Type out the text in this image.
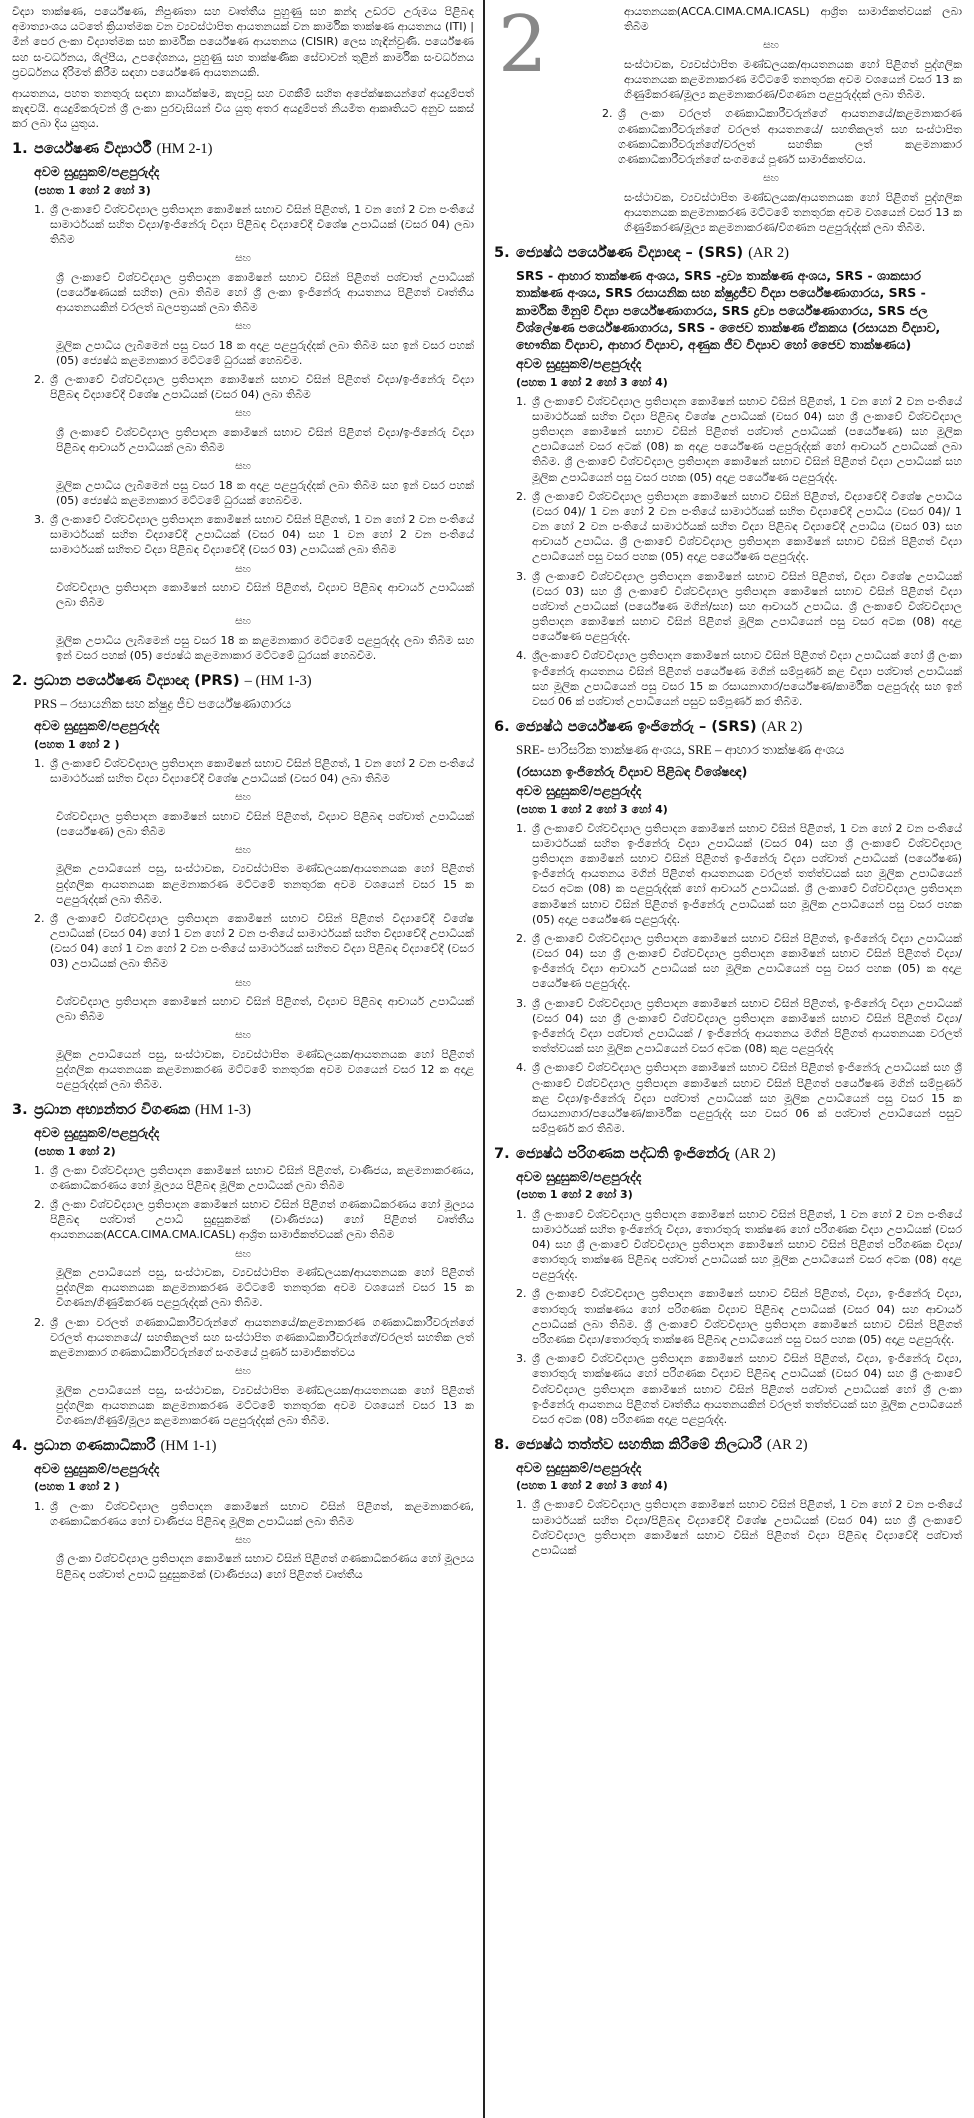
විද්‍යා තාක්ෂණ, පර්යේෂණ, නිපුණතා සහ වෘත්තීය පුහුණු සහ කන්ද උඩරට උරුමය පිළිබඳ අමාත්‍යාංශය යටතේ ක්‍රියාත්මක වන ව්‍යවස්ථාපිත ආයතනයක් වන කාර්මික තාක්ෂණ ආයතනය (ITI) | මින් පෙර ලංකා විද්‍යාත්මක සහ කාර්මික පර්යේෂණ ආයතනය (CISIR) ලෙස හැඳින්වුණි. පර්යේෂණ සහ සංවර්ධනය, ශිල්පීය, උපදේශනය, පුහුණු සහ තාක්ෂණික සේවාවන් තුළින් කාර්මික සංවර්ධනය ප්‍රවර්ධනය දිරිමත් කිරීම සඳහා පර්යේෂණ ආයතනයකි.

ආයතනය, පහත තනතුරු සඳහා කාර්යක්ෂම, කැපවූ සහ වගකීම් සහිත අපේක්ෂකයන්ගේ අයදුම්පත් කැඳවයි. අයදුම්කරුවන් ශ්‍රී ලංකා පුරවැසියන් විය යුතු අතර අයදුම්පත් නියමිත ආකෘතියට අනුව සකස් කර ලබා දිය යුතුය.

1. පර්යේෂණ විද්‍යාර්ථී (HM 2-1)
අවම සුදුසුකම්/පළපුරුද්ද
(පහත 1 හෝ 2 හෝ 3)
1. ශ්‍රී ලංකාවේ විශ්වවිද්‍යාල ප්‍රතිපාදන කොමිෂන් සභාව විසින් පිළිගත්, 1 වන හෝ 2 වන පංතියේ සාමාර්ථයක් සහිත විද්‍යා/ඉංජිනේරු විද්‍යා පිළිබඳ විද්‍යාවේදී විශේෂ උපාධියක් (වසර 04) ලබා තිබීම
සහ
ශ්‍රී ලංකාවේ විශ්වවිද්‍යාල ප්‍රතිපාදන කොමිෂන් සභාව විසින් පිළිගත් පශ්චාත් උපාධියක් (පර්යේෂණයක් සහිත) ලබා තිබීම හෝ ශ්‍රී ලංකා ඉංජිනේරු ආයතනය පිළිගත් වෘත්තීය ආයතනයකින් වරලත් බලපත්‍රයක් ලබා තිබීම
සහ
මූලික උපාධිය ලැබීමෙන් පසු වසර 18 ක අදාළ පළපුරුද්දක් ලබා තිබීම සහ ඉන් වසර පහක් (05) ජ්‍යෙෂ්ඨ කළමනාකාර මට්ටමේ ධුරයක් හෙබවීම.
2. ශ්‍රී ලංකාවේ විශ්වවිද්‍යාල ප්‍රතිපාදන කොමිෂන් සභාව විසින් පිළිගත් විද්‍යා/ඉංජිනේරු විද්‍යා පිළිබඳ විද්‍යාවේදී විශේෂ උපාධියක් (වසර 04) ලබා තිබීම
සහ
ශ්‍රී ලංකාවේ විශ්වවිද්‍යාල ප්‍රතිපාදන කොමිෂන් සභාව විසින් පිළිගත් විද්‍යා/ඉංජිනේරු විද්‍යා පිළිබඳ ආචාර්ය උපාධියක් ලබා තිබීම
සහ
මූලික උපාධිය ලැබීමෙන් පසු වසර 18 ක අදාළ පළපුරුද්දක් ලබා තිබීම සහ ඉන් වසර පහක් (05) ජ්‍යෙෂ්ඨ කළමනාකාර මට්ටමේ ධුරයක් හෙබවීම.
3. ශ්‍රී ලංකාවේ විශ්වවිද්‍යාල ප්‍රතිපාදන කොමිෂන් සභාව විසින් පිළිගත්, 1 වන හෝ 2 වන පංතියේ සාමාර්ථයක් සහිත විද්‍යාවේදී උපාධියක් (වසර 04) සහ 1 වන හෝ 2 වන පංතියේ සාමාර්ථයක් සහිතව විද්‍යා පිළිබඳ විද්‍යාවේදී (වසර 03) උපාධියක් ලබා තිබීම
සහ
විශ්වවිද්‍යාල ප්‍රතිපාදන කොමිෂන් සභාව විසින් පිළිගත්, විද්‍යාව පිළිබඳ ආචාර්ය උපාධියක් ලබා තිබීම
සහ
මූලික උපාධිය ලැබීමෙන් පසු වසර 18 ක කළමනාකාර මට්ටමේ පළපුරුද්ද ලබා තිබීම සහ ඉන් වසර පහක් (05) ජ්‍යෙෂ්ඨ කළමනාකාර මට්ටමේ ධුරයක් හෙබවීම.
2. ප්‍රධාන පර්යේෂණ විද්‍යාඥ (PRS) – (HM 1-3)
PRS – රසායනික සහ ක්ෂුද්‍ර ජීව පර්යේෂණාගාරය
අවම සුදුසුකම්/පළපුරුද්ද
(පහත 1 හෝ 2 )
1. ශ්‍රී ලංකාවේ විශ්වවිද්‍යාල ප්‍රතිපාදන කොමිෂන් සභාව විසින් පිළිගත්, 1 වන හෝ 2 වන පංතියේ සාමාර්ථයක් සහිත විද්‍යා විද්‍යාවේදී විශේෂ උපාධියක් (වසර 04) ලබා තිබීම
සහ
විශ්වවිද්‍යාල ප්‍රතිපාදන කොමිෂන් සභාව විසින් පිළිගත්, විද්‍යාව පිළිබඳ පශ්චාත් උපාධියක් (පර්යේෂණ) ලබා තිබීම
සහ
මූලික උපාධියෙන් පසු, සංස්ථාවක, ව්‍යවස්ථාපිත මණ්ඩලයක/ආයතනයක හෝ පිළිගත් පුද්ගලික ආයතනයක කළමනාකරණ මට්ටමේ තනතුරක අවම වශයෙන් වසර 15 ක පළපුරුද්දක් ලබා තිබීම.
2. ශ්‍රී ලංකාවේ විශ්වවිද්‍යාල ප්‍රතිපාදන කොමිෂන් සභාව විසින් පිළිගත් විද්‍යාවේදී විශේෂ උපාධියක් (වසර 04) හෝ 1 වන හෝ 2 වන පංතියේ සාමාර්ථයක් සහිත විද්‍යාවේදී උපාධියක් (වසර 04) හෝ 1 වන හෝ 2 වන පංතියේ සාමාර්ථයක් සහිතව විද්‍යා පිළිබඳ විද්‍යාවේදී (වසර 03) උපාධියක් ලබා තිබීම
සහ
විශ්වවිද්‍යාල ප්‍රතිපාදන කොමිෂන් සභාව විසින් පිළිගත්, විද්‍යාව පිළිබඳ ආචාර්ය උපාධියක් ලබා තිබීම
සහ
මූලික උපාධියෙන් පසු, සංස්ථාවක, ව්‍යවස්ථාපිත මණ්ඩලයක/ආයතනයක හෝ පිළිගත් පුද්ගලික ආයතනයක කළමනාකරණ මට්ටමේ තනතුරක අවම වශයෙන් වසර 12 ක අදාළ පළපුරුද්දක් ලබා තිබීම.
3. ප්‍රධාන අභ්‍යන්තර විගණක (HM 1-3)
අවම සුදුසුකම්/පළපුරුද්ද
(පහත 1 හෝ 2)
1. ශ්‍රී ලංකා විශ්වවිද්‍යාල ප්‍රතිපාදන කොමිෂන් සභාව විසින් පිළිගත්, වාණිජය, කළමනාකරණය, ගණකාධිකරණය හෝ මූල්‍යය පිළිබඳ මූලික උපාධියක් ලබා තිබීම
2. ශ්‍රී ලංකා විශ්වවිද්‍යාල ප්‍රතිපාදන කොමිෂන් සභාව විසින් පිළිගත් ගණකාධිකරණය හෝ මූල්‍යය පිළිබඳ පශ්චාත් උපාධි සුදුසුකමක් (වාණිජ්‍යය) හෝ පිළිගත් වෘත්තීය ආයතනයක(ACCA.CIMA.CMA.ICASL) ආශ්‍රිත සාමාජිකත්වයක් ලබා තිබීම
සහ
මූලික උපාධියෙන් පසු, සංස්ථාවක, ව්‍යවස්ථාපිත මණ්ඩලයක/ආයතනයක හෝ පිළිගත් පුද්ගලික ආයතනයක කළමනාකරණ මට්ටමේ තනතුරක අවම වශයෙන් වසර 15 ක විගණන/ගිණුම්කරණ පළපුරුද්දක් ලබා තිබීම.
2. ශ්‍රී ලංකා වරලත් ගණකාධිකාරීවරුන්ගේ ආයතනයේ/කළමනාකරණ ගණකාධිකාරීවරුන්ගේ වරලත් ආයතනයේ/ සහතිකලත් සහ සංස්ථාපිත ගණකාධිකාරීවරුන්ගේ/වරලත් සහතික ලත් කළමනාකාර ගණකාධිකාරීවරුන්ගේ සංගමයේ පූර්ණ සාමාජිකත්වය
සහ
මූලික උපාධියෙන් පසු, සංස්ථාවක, ව්‍යවස්ථාපිත මණ්ඩලයක/ආයතනයක හෝ පිළිගත් පුද්ගලික ආයතනයක කළමනාකරණ මට්ටමේ තනතුරක අවම වශයෙන් වසර 13 ක විගණන/ගිණුම්/මූල්‍ය කළමනාකරණ පළපුරුද්දක් ලබා තිබීම.
4. ප්‍රධාන ගණකාධිකාරී (HM 1-1)
අවම සුදුසුකම්/පළපුරුද්ද
(පහත 1 හෝ 2 )
1. ශ්‍රී ලංකා විශ්වවිද්‍යාල ප්‍රතිපාදන කොමිෂන් සභාව විසින් පිළිගත්, කළමනාකරණ, ගණකාධිකරණය හෝ වාණිජය පිළිබඳ මූලික උපාධියක් ලබා තිබීම
සහ
ශ්‍රී ලංකා විශ්වවිද්‍යාල ප්‍රතිපාදන කොමිෂන් සභාව විසින් පිළිගත් ගණකාධිකරණය හෝ මූල්‍යය පිළිබඳ පශ්චාත් උපාධි සුදුසුකමක් (වාණිජ්‍යය) හෝ පිළිගත් වෘත්තීය
2	ආයතනයක(ACCA.CIMA.CMA.ICASL) ආශ්‍රිත සාමාජිකත්වයක් ලබා තිබීම
සහ
සංස්ථාවක, ව්‍යවස්ථාපිත මණ්ඩලයක/ආයතනයක හෝ පිළිගත් පුද්ගලික ආයතනයක කළමනාකරණ මට්ටමේ තනතුරක අවම වශයෙන් වසර 13 ක ගිණුම්කරණ/මූල්‍ය කළමනාකරණ/විගණන පළපුරුද්දක් ලබා තිබීම.
2. ශ්‍රී ලංකා වරලත් ගණකාධිකාරීවරුන්ගේ ආයතනයේ/කළමනාකරණ ගණකාධිකාරීවරුන්ගේ වරලත් ආයතනයේ/ සහතිකලත් සහ සංස්ථාපිත ගණකාධිකාරීවරුන්ගේ/වරලත් සහතික ලත් කළමනාකාර ගණකාධිකාරීවරුන්ගේ සංගමයේ පූර්ණ සාමාජිකත්වය.
සහ
සංස්ථාවක, ව්‍යවස්ථාපිත මණ්ඩලයක/ආයතනයක හෝ පිළිගත් පුද්ගලික ආයතනයක කළමනාකරණ මට්ටමේ තනතුරක අවම වශයෙන් වසර 13 ක ගිණුම්කරණ/මූල්‍ය කළමනාකරණ/විගණන පළපුරුද්දක් ලබා තිබීම.
5. ජ්‍යෙෂ්ඨ පර්යේෂණ විද්‍යාඥ – (SRS) (AR 2)
SRS - ආහාර තාක්ෂණ අංශය, SRS -ද්‍රව්‍ය තාක්ෂණ අංශය, SRS - ශාකසාර තාක්ෂණ අංශය, SRS රසායනික සහ ක්ෂුද්‍රජීව විද්‍යා පර්යේෂණාගාරය, SRS - කාර්මික මිනුම් විද්‍යා පර්යේෂණාගාරය, SRS ද්‍රව්‍ය පර්යේෂණාගාරය, SRS ජල විශ්ලේෂණ පර්යේෂණාගාරය, SRS - ජෛව තාක්ෂණ ඒකකය (රසායන විද්‍යාව, භෞතික විද්‍යාව, ආහාර විද්‍යාව, අණුක ජීව විද්‍යාව හෝ ජෛව තාක්ෂණය)
අවම සුදුසුකම්/පළපුරුද්ද
(පහත 1 හෝ 2 හෝ 3 හෝ 4)
1. ශ්‍රී ලංකාවේ විශ්වවිද්‍යාල ප්‍රතිපාදන කොමිෂන් සභාව විසින් පිළිගත්, 1 වන හෝ 2 වන පංතියේ සාමාර්ථයක් සහිත විද්‍යා පිළිබඳ විශේෂ උපාධියක් (වසර 04) සහ ශ්‍රී ලංකාවේ විශ්වවිද්‍යාල ප්‍රතිපාදන කොමිෂන් සභාව විසින් පිළිගත් පශ්චාත් උපාධියක් (පර්යේෂණ) සහ මූලික උපාධියෙන් වසර අටක් (08) ක අදාළ පර්යේෂණ පළපුරුද්දක් හෝ ආචාර්ය උපාධියක් ලබා තිබීම. ශ්‍රී ලංකාවේ විශ්වවිද්‍යාල ප්‍රතිපාදන කොමිෂන් සභාව විසින් පිළිගත් විද්‍යා උපාධියක් සහ මූලික උපාධියෙන් පසු වසර පහක (05) අදාළ පර්යේෂණ පළපුරුද්ද.
2. ශ්‍රී ලංකාවේ විශ්වවිද්‍යාල ප්‍රතිපාදන කොමිෂන් සභාව විසින් පිළිගත්, විද්‍යාවේදී විශේෂ උපාධිය (වසර 04)/ 1 වන හෝ 2 වන පංතියේ සාමාර්ථයක් සහිත විද්‍යාවේදී උපාධිය (වසර 04)/ 1 වන හෝ 2 වන පංතියේ සාමාර්ථයක් සහිත විද්‍යා පිළිබඳ විද්‍යාවේදී උපාධිය (වසර 03) සහ ආචාර්ය උපාධිය. ශ්‍රී ලංකාවේ විශ්වවිද්‍යාල ප්‍රතිපාදන කොමිෂන් සභාව විසින් පිළිගත් විද්‍යා උපාධියෙන් පසු වසර පහක (05) අදාළ පර්යේෂණ පළපුරුද්ද.
3. ශ්‍රී ලංකාවේ විශ්වවිද්‍යාල ප්‍රතිපාදන කොමිෂන් සභාව විසින් පිළිගත්, විද්‍යා විශේෂ උපාධියක් (වසර 03) සහ ශ්‍රී ලංකාවේ විශ්වවිද්‍යාල ප්‍රතිපාදන කොමිෂන් සභාව විසින් පිළිගත් විද්‍යා පශ්චාත් උපාධියක් (පර්යේෂණ මගින්/සහ) සහ ආචාර්ය උපාධිය. ශ්‍රී ලංකාවේ විශ්වවිද්‍යාල ප්‍රතිපාදන කොමිෂන් සභාව විසින් පිළිගත් මූලික උපාධියෙන් පසු වසර අටක (08) අදාළ පර්යේෂණ පළපුරුද්ද.
4. ශ්‍රීලංකාවේ විශ්වවිද්‍යාල ප්‍රතිපාදන කොමිෂන් සභාව විසින් පිළිගත් විද්‍යා උපාධියක් හෝ ශ්‍රී ලංකා ඉංජිනේරු ආයතනය විසින් පිළිගත් පර්යේෂණ මගින් සම්පූර්ණ කළ විද්‍යා පශ්චාත් උපාධියක් සහ මූලික උපාධියෙන් පසු වසර 15 ක රසායනාගාර/පර්යේෂණ/කාර්මික පළපුරුද්ද සහ ඉන් වසර 06 ක් පශ්චාත් උපාධියෙන් පසුව සම්පූර්ණ කර තිබීම.
6. ජ්‍යෙෂ්ඨ පර්යේෂණ ඉංජිනේරු – (SRS) (AR 2)
SRE- පාරිසරික තාක්ෂණ අංශය, SRE – ආහාර තාක්ෂණ අංශය
(රසායන ඉංජිනේරු විද්‍යාව පිළිබඳ විශේෂඥ)
අවම සුදුසුකම්/පළපුරුද්ද
(පහත 1 හෝ 2 හෝ 3 හෝ 4)
1. ශ්‍රී ලංකාවේ විශ්වවිද්‍යාල ප්‍රතිපාදන කොමිෂන් සභාව විසින් පිළිගත්, 1 වන හෝ 2 වන පංතියේ සාමාර්ථයක් සහිත ඉංජිනේරු විද්‍යා උපාධියක් (වසර 04) සහ ශ්‍රී ලංකාවේ විශ්වවිද්‍යාල ප්‍රතිපාදන කොමිෂන් සභාව විසින් පිළිගත් ඉංජිනේරු විද්‍යා පශ්චාත් උපාධියක් (පර්යේෂණ) ඉංජිනේරු ආයතනය මගින් පිළිගත් ආයතනයක වරලත් තත්ත්වයක් සහ මූලික උපාධියෙන් වසර අටක (08) ක පළපුරුද්දක් හෝ ආචාර්ය උපාධියක්. ශ්‍රී ලංකාවේ විශ්වවිද්‍යාල ප්‍රතිපාදන කොමිෂන් සභාව විසින් පිළිගත් ඉංජිනේරු උපාධියක් සහ මූලික උපාධියෙන් පසු වසර පහක (05) අදාළ පර්යේෂණ පළපුරුද්ද.
2. ශ්‍රී ලංකාවේ විශ්වවිද්‍යාල ප්‍රතිපාදන කොමිෂන් සභාව විසින් පිළිගත්, ඉංජිනේරු විද්‍යා උපාධියක් (වසර 04) සහ ශ්‍රී ලංකාවේ විශ්වවිද්‍යාල ප්‍රතිපාදන කොමිෂන් සභාව විසින් පිළිගත් විද්‍යා/ඉංජිනේරු විද්‍යා ආචාර්ය උපාධියක් සහ මූලික උපාධියෙන් පසු වසර පහක (05) ක අදාළ පර්යේෂණ පළපුරුද්ද.
3. ශ්‍රී ලංකාවේ විශ්වවිද්‍යාල ප්‍රතිපාදන කොමිෂන් සභාව විසින් පිළිගත්, ඉංජිනේරු විද්‍යා උපාධියක් (වසර 04) සහ ශ්‍රී ලංකාවේ විශ්වවිද්‍යාල ප්‍රතිපාදන කොමිෂන් සභාව විසින් පිළිගත් විද්‍යා/ඉංජිනේරු විද්‍යා පශ්චාත් උපාධියක් / ඉංජිනේරු ආයතනය මගින් පිළිගත් ආයතනයක වරලත් තත්ත්වයක් සහ මූලික උපාධියෙන් වසර අටක (08) කුළ පළපුරුද්ද
4. ශ්‍රී ලංකාවේ විශ්වවිද්‍යාල ප්‍රතිපාදන කොමිෂන් සභාව විසින් පිළිගත් ඉංජිනේරු උපාධියක් සහ ශ්‍රී ලංකාවේ විශ්වවිද්‍යාල ප්‍රතිපාදන කොමිෂන් සභාව විසින් පිළිගත් පර්යේෂණ මගින් සම්පූර්ණ කළ විද්‍යා/ඉංජිනේරු විද්‍යා පශ්චාත් උපාධියක් සහ මූලික උපාධියෙන් පසු වසර 15 ක රසායනාගාර/පර්යේෂණ/කාර්මික පළපුරුද්ද සහ වසර 06 ක් පශ්චාත් උපාධියෙන් පසුව සම්පූර්ණ කර තිබීම.
7. ජ්‍යෙෂ්ඨ පරිගණක පද්ධති ඉංජිනේරු (AR 2)
අවම සුදුසුකම්/පළපුරුද්ද
(පහත 1 හෝ 2 හෝ 3)
1. ශ්‍රී ලංකාවේ විශ්වවිද්‍යාල ප්‍රතිපාදන කොමිෂන් සභාව විසින් පිළිගත්, 1 වන හෝ 2 වන පංතියේ සාමාර්ථයක් සහිත ඉංජිනේරු විද්‍යා, තොරතුරු තාක්ෂණ හෝ පරිගණක විද්‍යා උපාධියක් (වසර 04) සහ ශ්‍රී ලංකාවේ විශ්වවිද්‍යාල ප්‍රතිපාදන කොමිෂන් සභාව විසින් පිළිගත් පරිගණක විද්‍යා/තොරතුරු තාක්ෂණ පිළිබඳ පශ්චාත් උපාධියක් සහ මූලික උපාධියෙන් වසර අටක (08) අදාළ පළපුරුද්ද.
2. ශ්‍රී ලංකාවේ විශ්වවිද්‍යාල ප්‍රතිපාදන කොමිෂන් සභාව විසින් පිළිගත්, විද්‍යා, ඉංජිනේරු විද්‍යා, තොරතුරු තාක්ෂණය හෝ පරිගණක විද්‍යාව පිළිබඳ උපාධියක් (වසර 04) සහ ආචාර්ය උපාධියක් ලබා තිබීම. ශ්‍රී ලංකාවේ විශ්වවිද්‍යාල ප්‍රතිපාදන කොමිෂන් සභාව විසින් පිළිගත් පරිගණක විද්‍යා/තොරතුරු තාක්ෂණ පිළිබඳ උපාධියෙන් පසු වසර පහක (05) අදාළ පළපුරුද්ද.
3. ශ්‍රී ලංකාවේ විශ්වවිද්‍යාල ප්‍රතිපාදන කොමිෂන් සභාව විසින් පිළිගත්, විද්‍යා, ඉංජිනේරු විද්‍යා, තොරතුරු තාක්ෂණය හෝ පරිගණක විද්‍යාව පිළිබඳ උපාධියක් (වසර 04) සහ ශ්‍රී ලංකාවේ විශ්වවිද්‍යාල ප්‍රතිපාදන කොමිෂන් සභාව විසින් පිළිගත් පශ්චාත් උපාධියක් හෝ ශ්‍රී ලංකා ඉංජිනේරු ආයතනය පිළිගත් වෘත්තීය ආයතනයකින් වරලත් තත්ත්වයක් සහ මූලික උපාධියෙන් වසර අටක (08) පරිගණක අදාළ පළපුරුද්ද.
8. ජ්‍යෙෂ්ඨ තත්ත්ව සහතික කිරීමේ නිලධාරී (AR 2)
අවම සුදුසුකම්/පළපුරුද්ද
(පහත 1 හෝ 2 හෝ 3 හෝ 4)
1. ශ්‍රී ලංකාවේ විශ්වවිද්‍යාල ප්‍රතිපාදන කොමිෂන් සභාව විසින් පිළිගත්, 1 වන හෝ 2 වන පංතියේ සාමාර්ථයක් සහිත විද්‍යා/පිළිබඳ විද්‍යාවේදී විශේෂ උපාධියක් (වසර 04) සහ ශ්‍රී ලංකාවේ විශ්වවිද්‍යාල ප්‍රතිපාදන කොමිෂන් සභාව විසින් පිළිගත් විද්‍යා පිළිබඳ විද්‍යාවේදී පශ්චාත් උපාධියක්
